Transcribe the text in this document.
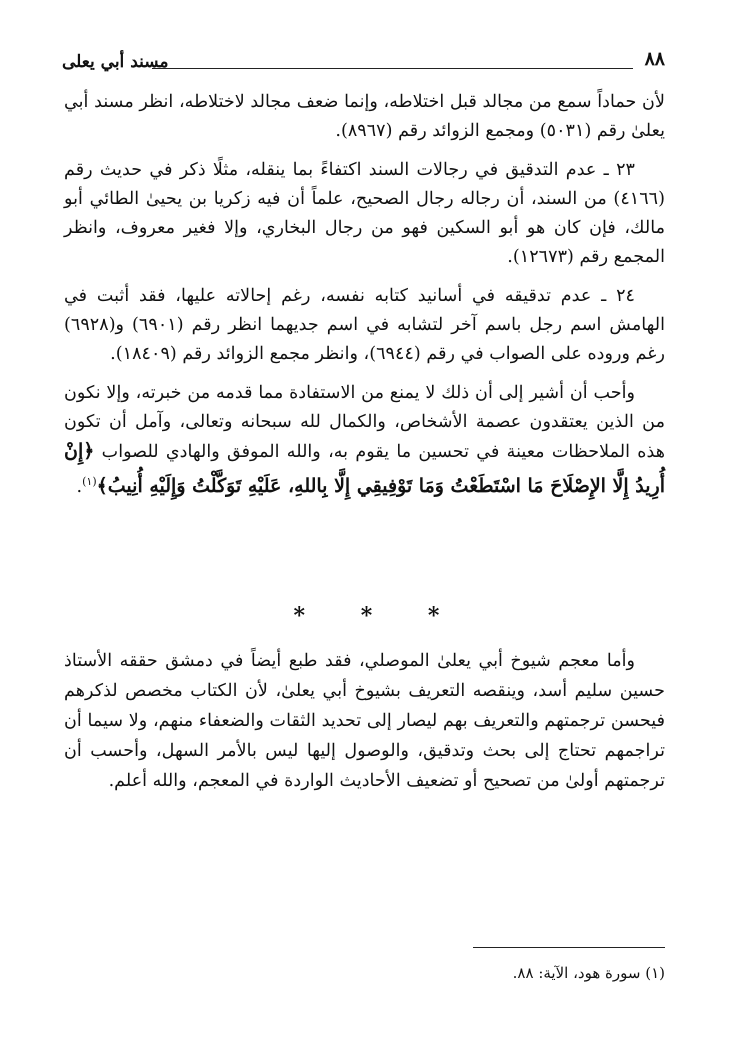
٨٨
مسند أبي يعلى

لأن حماداً سمع من مجالد قبل اختلاطه، وإنما ضعف مجالد لاختلاطه، انظر مسند أبي يعلىٰ رقم (٥٠٣١) ومجمع الزوائد رقم (٨٩٦٧).

٢٣ ـ عدم التدقيق في رجالات السند اكتفاءً بما ينقله، مثلًا ذكر في حديث رقم (٤١٦٦) من السند، أن رجاله رجال الصحيح، علماً أن فيه زكريا بن يحيىٰ الطائي أبو مالك، فإن كان هو أبو السكين فهو من رجال البخاري، وإلا فغير معروف، وانظر المجمع رقم (١٢٦٧٣).

٢٤ ـ عدم تدقيقه في أسانيد كتابه نفسه، رغم إحالاته عليها، فقد أثبت في الهامش اسم رجل باسم آخر لتشابه في اسم جديهما انظر رقم (٦٩٠١) و(٦٩٢٨) رغم وروده على الصواب في رقم (٦٩٤٤)، وانظر مجمع الزوائد رقم (١٨٤٠٩).

وأحب أن أشير إلى أن ذلك لا يمنع من الاستفادة مما قدمه من خبرته، وإلا نكون من الذين يعتقدون عصمة الأشخاص، والكمال لله سبحانه وتعالى، وآمل أن تكون هذه الملاحظات معينة في تحسين ما يقوم به، والله الموفق والهادي للصواب ﴿إِنْ أُرِيدُ إِلَّا الإِصْلَاحَ مَا اسْتَطَعْتُ وَمَا تَوْفِيقِي إِلَّا بِاللهِ، عَلَيْهِ تَوَكَّلْتُ وَإِلَيْهِ أُنِيبُ﴾$^{(١)}$.

* * *

وأما معجم شيوخ أبي يعلىٰ الموصلي، فقد طبع أيضاً في دمشق حققه الأستاذ حسين سليم أسد، وينقصه التعريف بشيوخ أبي يعلىٰ، لأن الكتاب مخصص لذكرهم فيحسن ترجمتهم والتعريف بهم ليصار إلى تحديد الثقات والضعفاء منهم، ولا سيما أن تراجمهم تحتاج إلى بحث وتدقيق، والوصول إليها ليس بالأمر السهل، وأحسب أن ترجمتهم أولىٰ من تصحيح أو تضعيف الأحاديث الواردة في المعجم، والله أعلم.

(١) سورة هود، الآية: ٨٨.
